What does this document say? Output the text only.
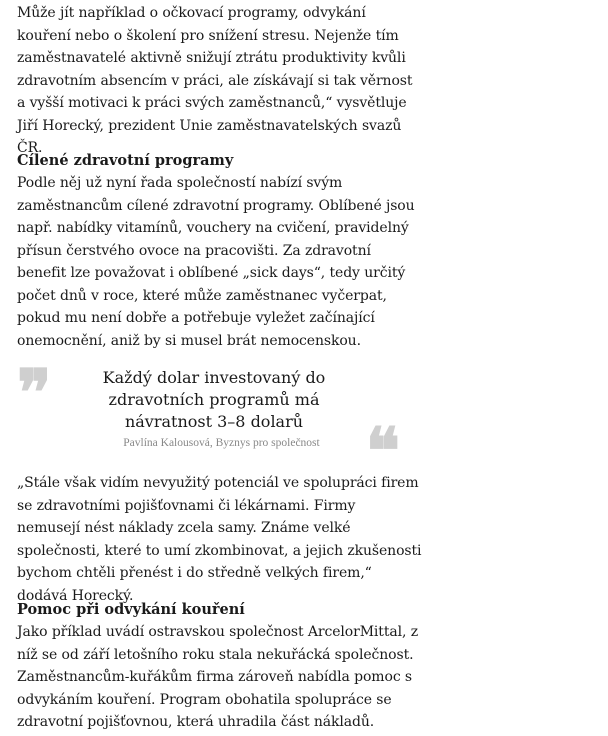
Může jít například o očkovací programy, odvykání kouření nebo o školení pro snížení stresu. Nejenže tím zaměstnavatelé aktivně snižují ztrátu produktivity kvůli zdravotním absencím v práci, ale získávají si tak věrnost a vyšší motivaci k práci svých zaměstnanců,“ vysvětluje Jiří Horecký, prezident Unie zaměstnavatelských svazů ČR.

Cílené zdravotní programy

Podle něj už nyní řada společností nabízí svým zaměstnancům cílené zdravotní programy. Oblíbené jsou např. nabídky vitamínů, vouchery na cvičení, pravidelný přísun čerstvého ovoce na pracovišti. Za zdravotní benefit lze považovat i oblíbené „sick days“, tedy určitý počet dnů v roce, které může zaměstnanec vyčerpat, pokud mu není dobře a potřebuje vyležet začínající onemocnění, aniž by si musel brát nemocenskou.

❞	Každý dolar investovaný do zdravotních programů má návratnost 3–8 dolarů
Pavlína Kalousová, Byznys pro společnost ❝

„Stále však vidím nevyužitý potenciál ve spolupráci firem se zdravotními pojišťovnami či lékárnami. Firmy nemusejí nést náklady zcela samy. Známe velké společnosti, které to umí zkombinovat, a jejich zkušenosti bychom chtěli přenést i do středně velkých firem,“ dodává Horecký.

Pomoc při odvykání kouření

Jako příklad uvádí ostravskou společnost ArcelorMittal, z níž se od září letošního roku stala nekuřácká společnost. Zaměstnancům-kuřákům firma zároveň nabídla pomoc s odvykáním kouření. Program obohatila spolupráce se zdravotní pojišťovnou, která uhradila část nákladů.
